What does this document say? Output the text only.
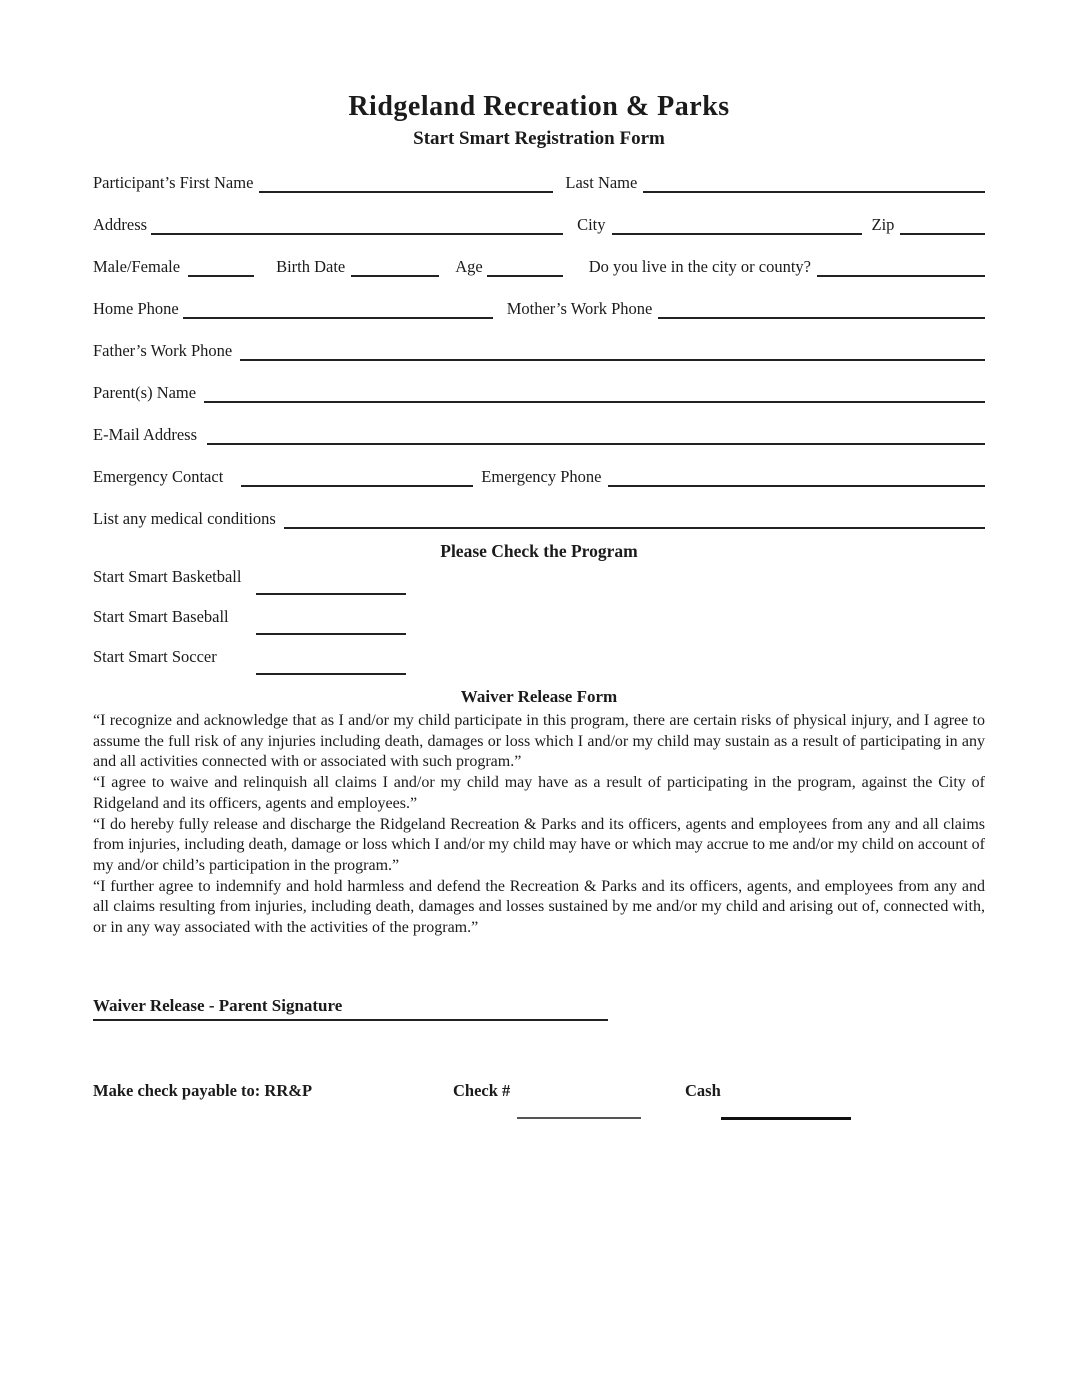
Ridgeland Recreation & Parks
Start Smart Registration Form
Participant’s First Name	Last Name
Address	City	Zip
Male/Female	Birth Date	Age	Do you live in the city or county?
Home Phone	Mother’s Work Phone
Father’s Work Phone
Parent(s) Name
E-Mail Address
Emergency Contact	Emergency Phone
List any medical conditions
Please Check the Program
Start Smart Basketball
Start Smart Baseball
Start Smart Soccer
Waiver Release Form

“I recognize and acknowledge that as I and/or my child participate in this program, there are certain risks of physical injury, and I agree to assume the full risk of any injuries including death, damages or loss which I and/or my child may sustain as a result of participating in any and all activities connected with or associated with such program.”

“I agree to waive and relinquish all claims I and/or my child may have as a result of participating in the program, against the City of Ridgeland and its officers, agents and employees.”

“I do hereby fully release and discharge the Ridgeland Recreation & Parks and its officers, agents and employees from any and all claims from injuries, including death, damage or loss which I and/or my child may have or which may accrue to me and/or my child on account of my and/or child’s participation in the program.”

“I further agree to indemnify and hold harmless and defend the Recreation & Parks and its officers, agents, and employees from any and all claims resulting from injuries, including death, damages and losses sustained by me and/or my child and arising out of, connected with, or in any way associated with the activities of the program.”

Waiver Release - Parent Signature
Make check payable to: RR&P	Check #	Cash
